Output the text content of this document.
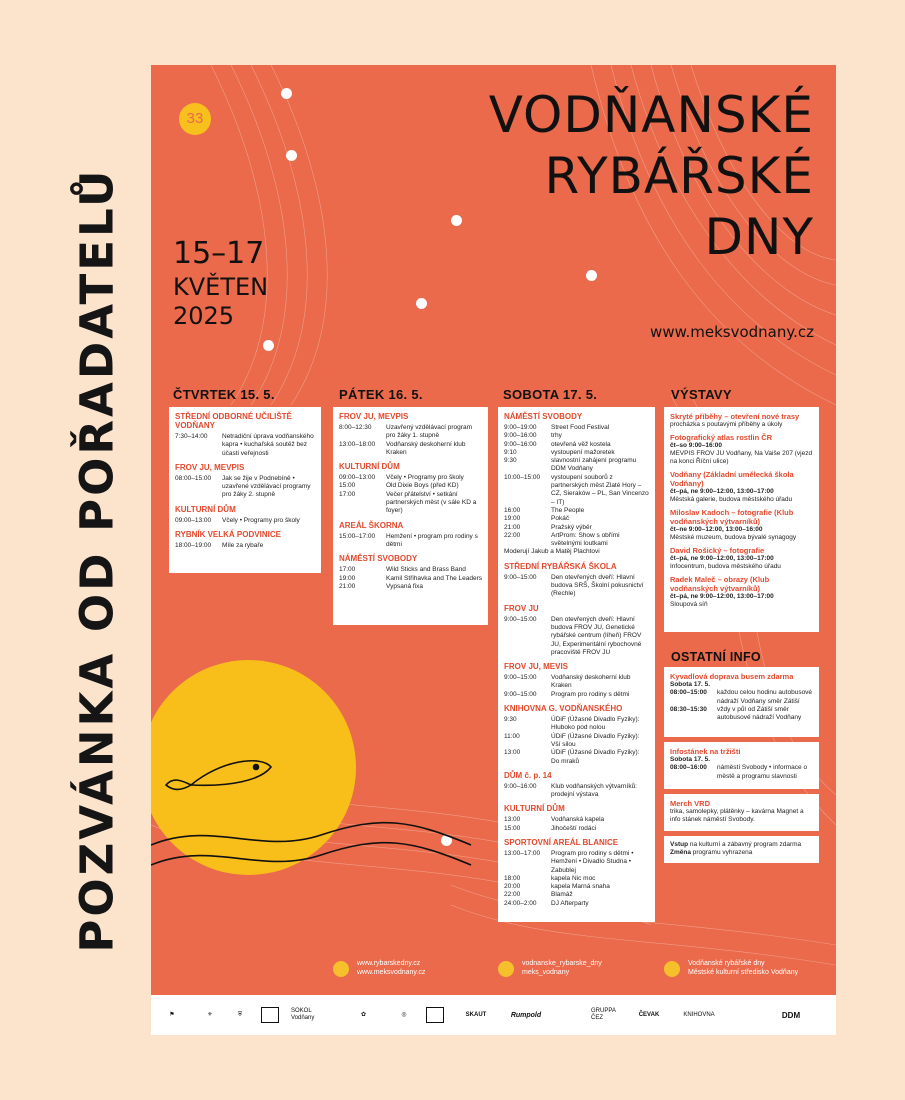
POZVÁNKA OD POŘADATELŮ
33	VODŇANSKÉ
RYBÁŘSKÉ
DNY
15–17
KVĚTEN
2025
www.meksvodnany.cz
ČTVRTEK 15. 5.
STŘEDNÍ ODBORNÉ UČILIŠTĚ VODŇANY
7:30–14:00	Netradiční úprava vodňanského kapra • kuchařská soutěž bez účasti veřejnosti
FROV JU, MEVPIS
08:00–15:00	Jak se žije v Podnebíně • uzavřené vzdělávací programy pro žáky 2. stupně
KULTURNÍ DŮM
09:00–13:00	Včely • Programy pro školy
RYBNÍK VELKÁ PODVINICE
18:00–19:00	Míle za rybaře
PÁTEK 16. 5.
FROV JU, MEVPIS
8:00–12:30	Uzavřený vzdělávací program pro žáky 1. stupně
13:00–18:00	Vodňanský deskoherní klub Kraken
KULTURNÍ DŮM
09:00–13:00	Včely • Programy pro školy
15:00	Old Dixie Boys (před KD)
17:00	Večer přátelství • setkání partnerských měst (v sále KD a foyer)
AREÁL ŠKORNA
15:00–17:00	Hemžení • program pro rodiny s dětmi
NÁMĚSTÍ SVOBODY
17:00	Wild Sticks and Brass Band
19:00	Kamil Střihavka and The Leaders
21:00	Vypsaná fixa
SOBOTA 17. 5.
NÁMĚSTÍ SVOBODY
9:00–19:00	Street Food Festival
9:00–16:00	trhy
9:00–16:00	otevřená věž kostela
9:10	vystoupení mažoretek
9:30	slavnostní zahájení programu DDM Vodňany
10:00–15:00	vystoupení souborů z partnerských měst Zlaté Hory – CZ, Sieraków – PL, San Vincenzo – IT)
16:00	The People
19:00	Pokáč
21:00	Pražský výběr
22:00	ArtProm: Show s obřími světelnými loutkami
Moderují Jakub a Matěj Plachtovi
STŘEDNÍ RYBÁŘSKÁ ŠKOLA
9:00–15:00	Den otevřených dveří: Hlavní budova SRŠ, Školní pokusnictví (Rechle)
FROV JU
9:00–15:00	Den otevřených dveří: Hlavní budova FROV JU, Genetické rybářské centrum (líheň) FROV JU, Experimentální rybochovné pracoviště FROV JU
FROV JU, MEVIS
9:00–15:00	Vodňanský deskoherní klub Kraken
9:00–15:00	Program pro rodiny s dětmi
KNIHOVNA G. VODŇANSKÉHO
9:30	ÚDiF (Úžasné Divadlo Fyziky): Hluboko pod nolou
11:00	ÚDiF (Úžasné Divadlo Fyziky): Vší silou
13:00	ÚDiF (Úžasné Divadlo Fyziky): Do mraků
DŮM č. p. 14
9:00–16:00	Klub vodňanských výtvarníků: prodejní výstava
KULTURNÍ DŮM
13:00	Vodňanská kapela
15:00	Jihočeští rodáci
SPORTOVNÍ AREÁL BLANICE
13:00–17:00	Program pro rodiny s dětmi • Hemžení • Divadlo Studna • Zabublej
18:00	kapela Nic moc
20:00	kapela Marná snaha
22:00	Blamáž
24:00–2:00	DJ Afterparty
VÝSTAVY
Skryté příběhy – otevření nové trasy
procházka s poutavými příběhy a úkoly
Fotografický atlas rostlin ČR
čt–so 9:00–16:00
MEVPIS FROV JU Vodňany, Na Vaiše 207 (vjezd na konci Říční ulice)
Vodňany (Základní umělecká škola Vodňany)
čt–pá, ne 9:00–12:00, 13:00–17:00
Městská galerie, budova městského úřadu
Miloslav Kadoch – fotografie (Klub vodňanských výtvarníků)
čt–ne 9:00–12:00, 13:00–16:00
Městské muzeum, budova bývalé synagogy
David Rošický – fotografie
čt–pá, ne 9:00–12:00, 13:00–17:00
Infocentrum, budova městského úřadu
Radek Maleč – obrazy (Klub vodňanských výtvarníků)
čt–pá, ne 9:00–12:00, 13:00–17:00
Sloupová síň
OSTATNÍ INFO
Kyvadlová doprava busem zdarma
Sobota 17. 5.
08:00–15:00	každou celou hodinu autobusové nádraží Vodňany směr Zátiší
08:30–15:30	vždy v půl od Zátiší směr autobusové nádraží Vodňany
Infostánek na tržišti
Sobota 17. 5.
08:00–16:00	náměstí Svobody • informace o městě a programu slavnosti
Merch VRD
trika, samolepky, plátěnky – kavárna Magnet a info stánek náměstí Svobody.
Vstup na kulturní a zábavný program zdarma
Změna programu vyhrazena
www.rybarskedny.cz
www.meksvodnany.cz
vodnanske_rybarske_dny
meks_vodnany
Vodňanské rybářské dny
Městské kulturní středisko Vodňany
⚑	⚜	⛨
SOKOL Vodňany
✿	◎	SKAUT	Rumpold
GRUPPA ČEZ
ČEVAK	KNIHOVNA	DDM
